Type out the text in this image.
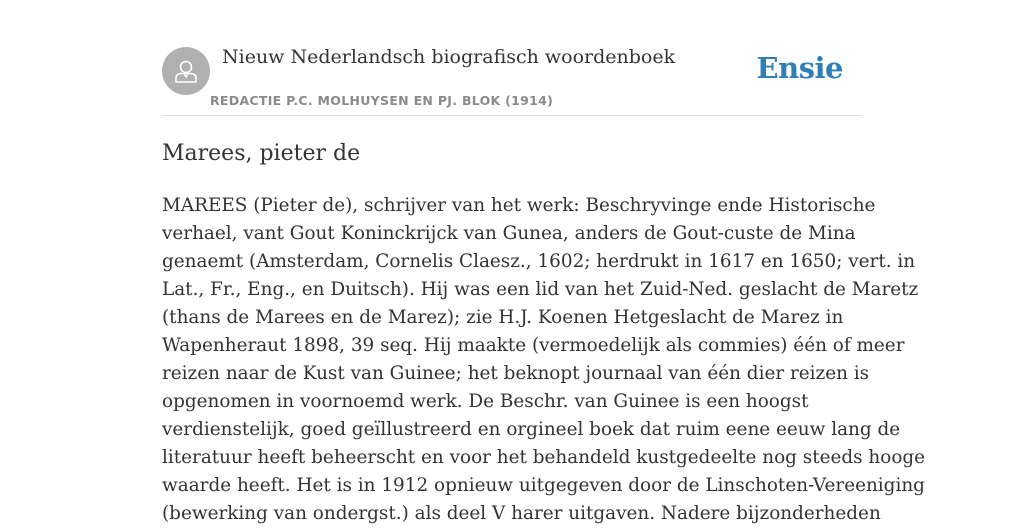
Nieuw Nederlandsch biografisch woordenboek
REDACTIE P.C. MOLHUYSEN EN PJ. BLOK (1914)
Ensie
Marees, pieter de
MAREES (Pieter de), schrijver van het werk: Beschryvinge ende Historische
verhael, vant Gout Koninckrijck van Gunea, anders de Gout-custe de Mina
genaemt (Amsterdam, Cornelis Claesz., 1602; herdrukt in 1617 en 1650; vert. in
Lat., Fr., Eng., en Duitsch). Hij was een lid van het Zuid-Ned. geslacht de Maretz
(thans de Marees en de Marez); zie H.J. Koenen Hetgeslacht de Marez in
Wapenheraut 1898, 39 seq. Hij maakte (vermoedelijk als commies) één of meer
reizen naar de Kust van Guinee; het beknopt journaal van één dier reizen is
opgenomen in voornoemd werk. De Beschr. van Guinee is een hoogst
verdienstelijk, goed geïllustreerd en orgineel boek dat ruim eene eeuw lang de
literatuur heeft beheerscht en voor het behandeld kustgedeelte nog steeds hooge
waarde heeft. Het is in 1912 opnieuw uitgegeven door de Linschoten-Vereeniging
(bewerking van ondergst.) als deel V harer uitgaven. Nadere bijzonderheden
